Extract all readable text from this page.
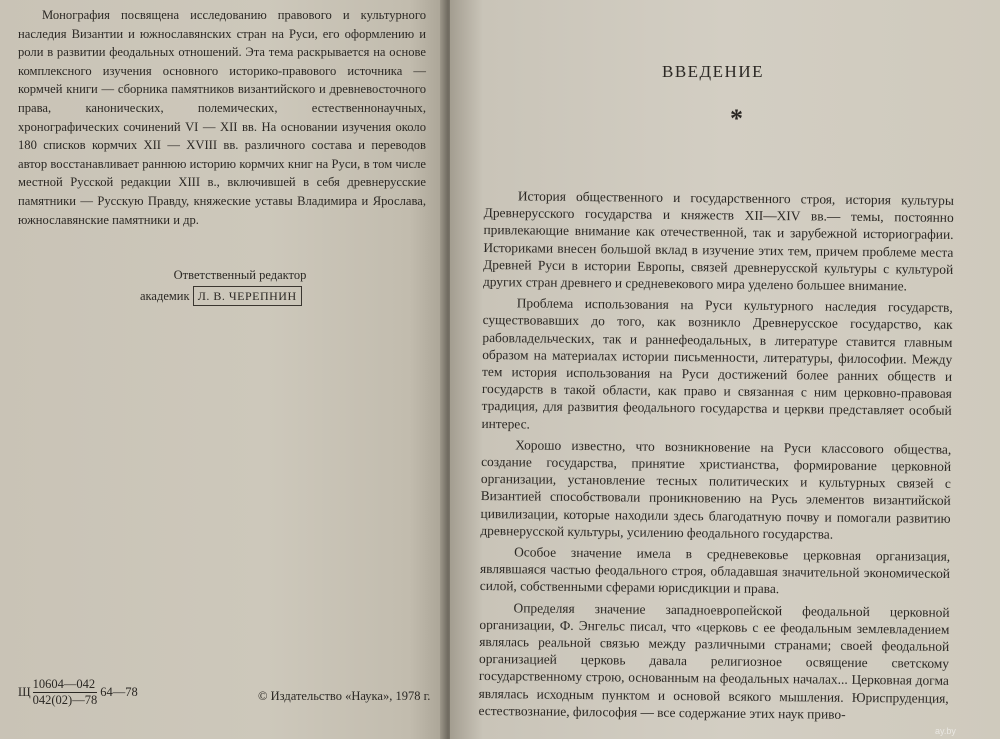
Монография посвящена исследованию правового и культурного наследия Византии и южнославянских стран на Руси, его оформлению и роли в развитии феодальных отношений. Эта тема раскрывается на основе комплексного изучения основного историко-правового источника — кормчей книги — сборника памятников византийского и древневосточного права, канонических, полемических, естественнонаучных, хронографических сочинений VI — XII вв. На основании изучения около 180 списков кормчих XII — XVIII вв. различного состава и переводов автор восстанавливает раннюю историю кормчих книг на Руси, в том числе местной Русской редакции XIII в., включившей в себя древнерусские памятники — Русскую Правду, княжеские уставы Владимира и Ярослава, южнославянские памятники и др.

Ответственный редактор
академик Л. В. ЧЕРЕПНИН
Щ $\frac{10604—042}{042(02)—78}$ 64—78	© Издательство «Наука», 1978 г.
ВВЕДЕНИЕ
*

История общественного и государственного строя, история культуры Древнерусского государства и княжеств XII—XIV вв.— темы, постоянно привлекающие внимание как отечественной, так и зарубежной историографии. Историками внесен большой вклад в изучение этих тем, причем проблеме места Древней Руси в истории Европы, связей древнерусской культуры с культурой других стран древнего и средневекового мира уделено большее внимание.

Проблема использования на Руси культурного наследия государств, существовавших до того, как возникло Древнерусское государство, как рабовладельческих, так и раннефеодальных, в литературе ставится главным образом на материалах истории письменности, литературы, философии. Между тем история использования на Руси достижений более ранних обществ и государств в такой области, как право и связанная с ним церковно-правовая традиция, для развития феодального государства и церкви представляет особый интерес.

Хорошо известно, что возникновение на Руси классового общества, создание государства, принятие христианства, формирование церковной организации, установление тесных политических и культурных связей с Византией способствовали проникновению на Русь элементов византийской цивилизации, которые находили здесь благодатную почву и помогали развитию древнерусской культуры, усилению феодального государства.

Особое значение имела в средневековье церковная организация, являвшаяся частью феодального строя, обладавшая значительной экономической силой, собственными сферами юрисдикции и права.

Определяя значение западноевропейской феодальной церковной организации, Ф. Энгельс писал, что «церковь с ее феодальным землевладением являлась реальной связью между различными странами; своей феодальной организацией церковь давала религиозное освящение светскому государственному строю, основанным на феодальных началах... Церковная догма являлась исходным пунктом и основой всякого мышления. Юриспруденция, естествознание, философия — все содержание этих наук приво-

ay.by
